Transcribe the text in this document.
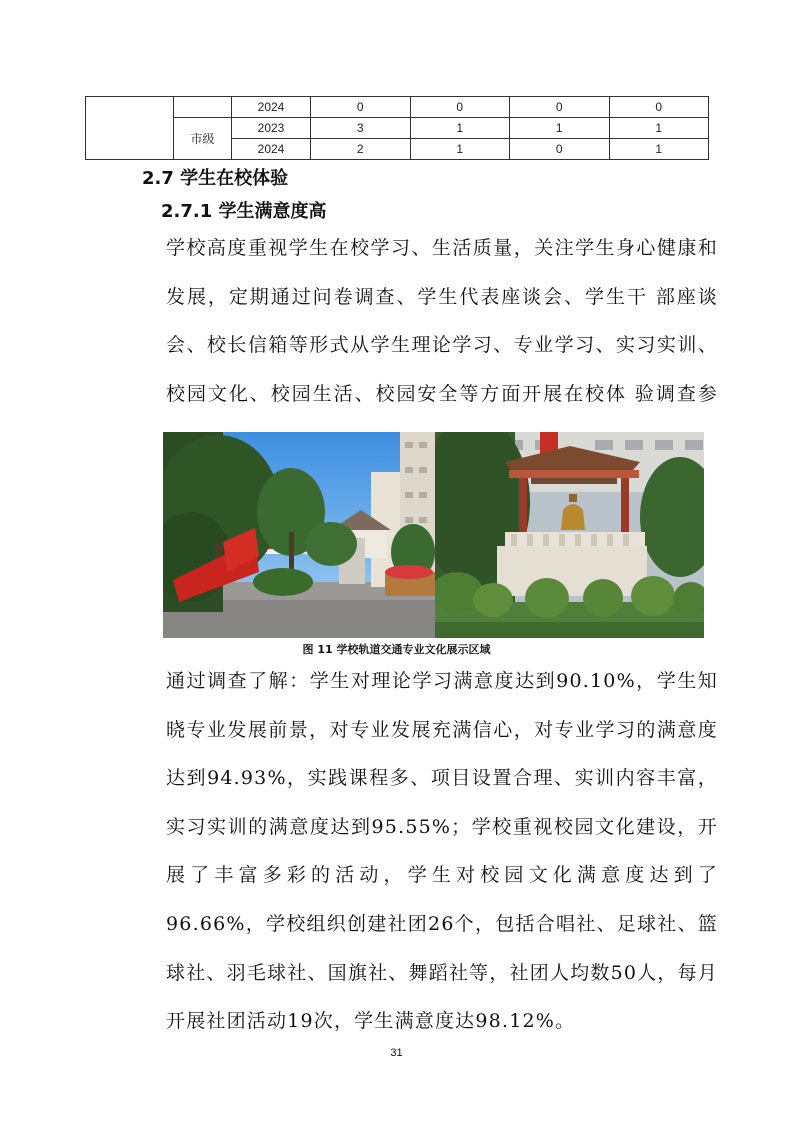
		2024	0	0	0	0
	市级	2023	3	1	1	1
		2024	2	1	0	1
2.7 学生在校体验
2.7.1 学生满意度高

学校高度重视学生在校学习、生活质量，关注学生身心健康和发展，定期通过问卷调查、学生代表座谈会、学生干 部座谈会、校长信箱等形式从学生理论学习、专业学习、实习实训、校园文化、校园生活、校园安全等方面开展在校体 验调查参

图 11 学校轨道交通专业文化展示区域

通过调查了解：学生对理论学习满意度达到90.10%，学生知晓专业发展前景，对专业发展充满信心，对专业学习的满意度达到94.93%，实践课程多、项目设置合理、实训内容丰富，实习实训的满意度达到95.55%；学校重视校园文化建设，开展了丰富多彩的活动，学生对校园文化满意度达到了96.66%，学校组织创建社团26个，包括合唱社、足球社、篮球社、羽毛球社、国旗社、舞蹈社等，社团人均数50人，每月开展社团活动19次，学生满意度达98.12%。

31
